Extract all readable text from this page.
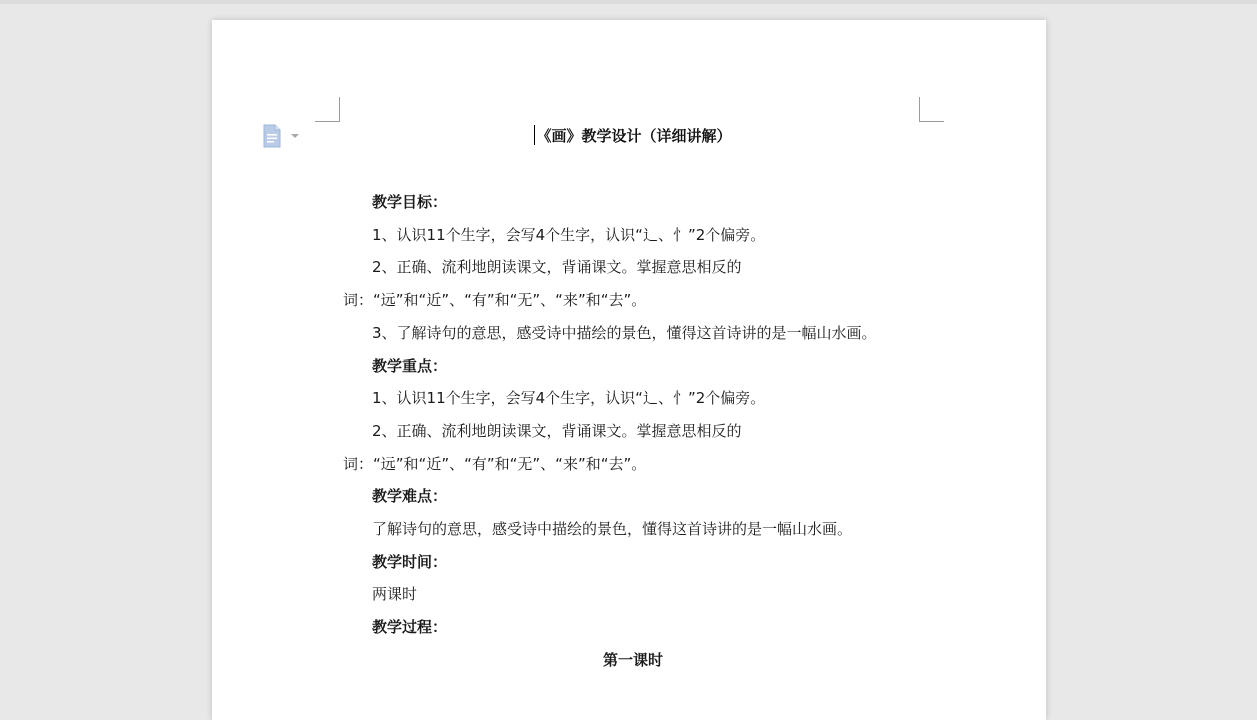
《画》教学设计（详细讲解）

教学目标：

1、认识11个生字，会写4个生字，认识“辶、忄”2个偏旁。

2、正确、流利地朗读课文，背诵课文。掌握意思相反的词：“远”和“近”、“有”和“无”、“来”和“去”。

3、了解诗句的意思，感受诗中描绘的景色，懂得这首诗讲的是一幅山水画。

教学重点：

1、认识11个生字，会写4个生字，认识“辶、忄”2个偏旁。

2、正确、流利地朗读课文，背诵课文。掌握意思相反的词：“远”和“近”、“有”和“无”、“来”和“去”。

教学难点：

了解诗句的意思，感受诗中描绘的景色，懂得这首诗讲的是一幅山水画。

教学时间：

两课时

教学过程：

第一课时
